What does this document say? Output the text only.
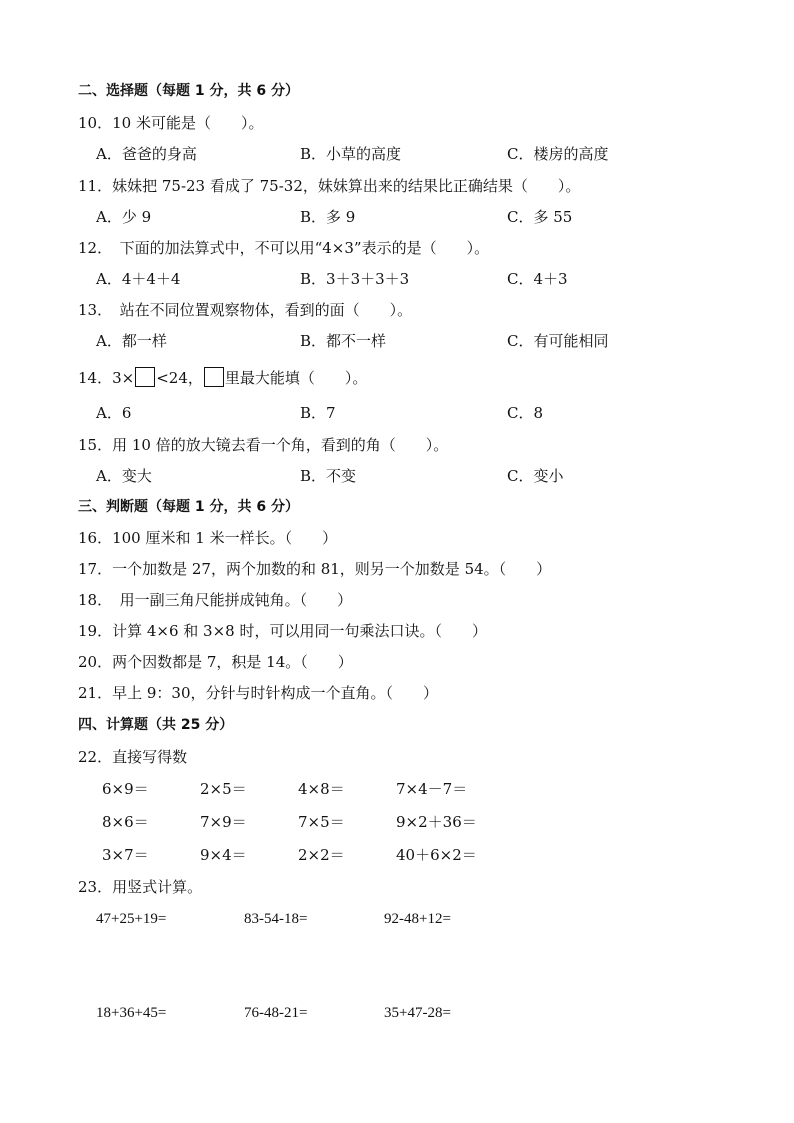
二、选择题（每题 1 分，共 6 分）
10．10 米可能是（　　）。
A．爸爸的身高	B．小草的高度	C．楼房的高度
11．妹妹把 75-23 看成了 75-32，妹妹算出来的结果比正确结果（　　）。
A．少 9	B．多 9	C．多 55
12．　下面的加法算式中，不可以用“4×3”表示的是（　　）。
A．4＋4＋4	B．3＋3＋3＋3	C．4＋3
13．　站在不同位置观察物体，看到的面（　　）。
A．都一样	B．都不一样	C．有可能相同
14．3× <24， 里最大能填（　　）。
A．6	B．7	C．8
15．用 10 倍的放大镜去看一个角，看到的角（　　）。
A．变大	B．不变	C．变小
三、判断题（每题 1 分，共 6 分）
16．100 厘米和 1 米一样长。（　　）
17．一个加数是 27，两个加数的和 81，则另一个加数是 54。（　　）
18．　用一副三角尺能拼成钝角。（　　）
19．计算 4×6 和 3×8 时，可以用同一句乘法口诀。（　　）
20．两个因数都是 7，积是 14。（　　）
21．早上 9：30，分针与时针构成一个直角。（　　）
四、计算题（共 25 分）
22．直接写得数
6×9＝	2×5＝	4×8＝	7×4－7＝
8×6＝	7×9＝	7×5＝	9×2＋36＝
3×7＝	9×4＝	2×2＝	40＋6×2＝
23．用竖式计算。
47+25+19=	83-54-18=	92-48+12=
18+36+45=	76-48-21=	35+47-28=
